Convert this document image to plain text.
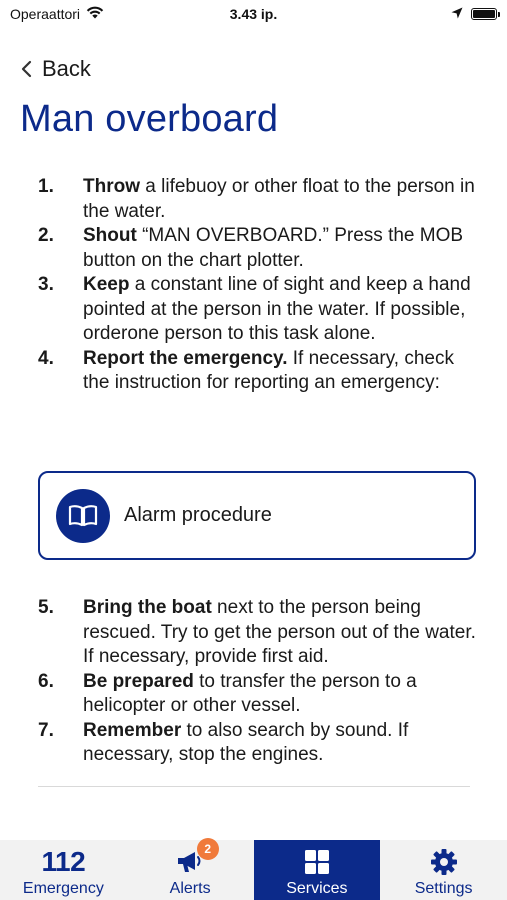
Operaattori	3.43 ip.
Back
Man overboard
1.	Throw a lifebuoy or other float to the person in the water.
2.	Shout “MAN OVERBOARD.” Press the MOB button on the chart plotter.
3.	Keep a constant line of sight and keep a hand pointed at the person in the water. If possible, orderone person to this task alone.
4.	Report the emergency. If necessary, check the instruction for reporting an emergency:
Alarm procedure
5.	Bring the boat next to the person being rescued. Try to get the person out of the water. If necessary, provide first aid.
6.	Be prepared to transfer the person to a helicopter or other vessel.
7.	Remember to also search by sound. If necessary, stop the engines.
112
Emergency
2
Alerts	Services	Settings
